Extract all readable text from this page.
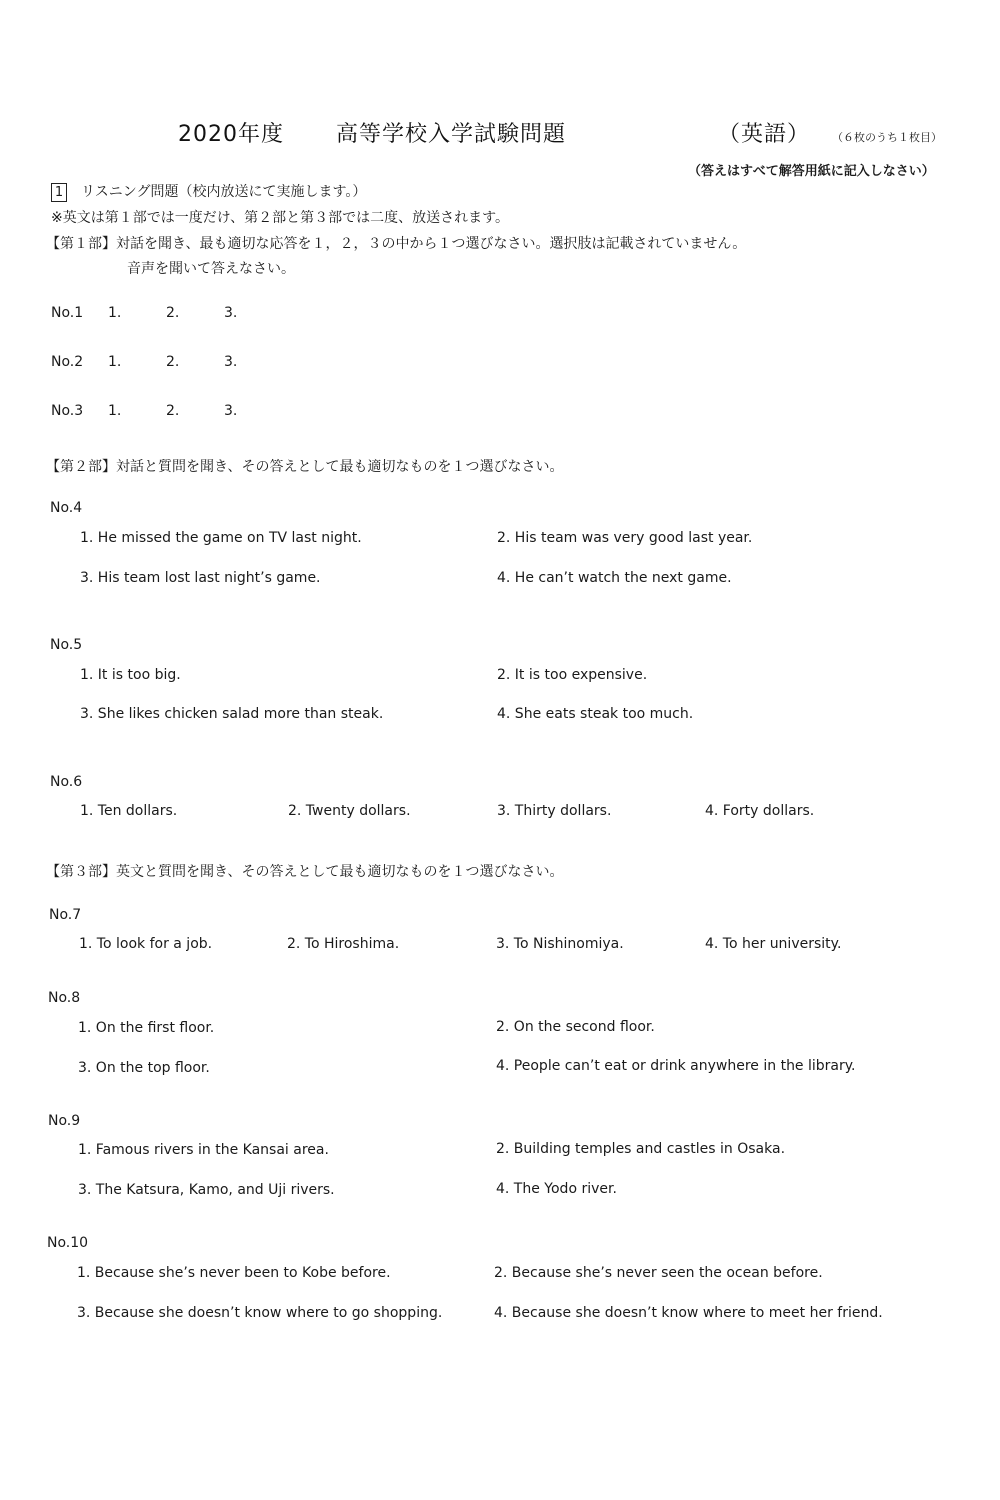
2020年度 高等学校入学試験問題	（英語） （６枚のうち１枚目）
（答えはすべて解答用紙に記入しなさい）
1 リスニング問題（校内放送にて実施します。）
※英文は第１部では一度だけ、第２部と第３部では二度、放送されます。
【第１部】対話を聞き、最も適切な応答を１，２，３の中から１つ選びなさい。選択肢は記載されていません。
音声を聞いて答えなさい。
No.1	1.	2.	3.
No.2	1.	2.	3.
No.3	1.	2.	3.
【第２部】対話と質問を聞き、その答えとして最も適切なものを１つ選びなさい。
No.4
1. He missed the game on TV last night.	2. His team was very good last year.
3. His team lost last night’s game.	4. He can’t watch the next game.
No.5
1. It is too big.	2. It is too expensive.
3. She likes chicken salad more than steak.	4. She eats steak too much.
No.6
1. Ten dollars.	2. Twenty dollars.	3. Thirty dollars.	4. Forty dollars.
【第３部】英文と質問を聞き、その答えとして最も適切なものを１つ選びなさい。
No.7
1. To look for a job.	2. To Hiroshima.	3. To Nishinomiya.	4. To her university.
No.8
1. On the first floor.	2. On the second floor.
3. On the top floor.	4. People can’t eat or drink anywhere in the library.
No.9
1. Famous rivers in the Kansai area.	2. Building temples and castles in Osaka.
3. The Katsura, Kamo, and Uji rivers.	4. The Yodo river.
No.10
1. Because she’s never been to Kobe before.	2. Because she’s never seen the ocean before.
3. Because she doesn’t know where to go shopping.	4. Because she doesn’t know where to meet her friend.
